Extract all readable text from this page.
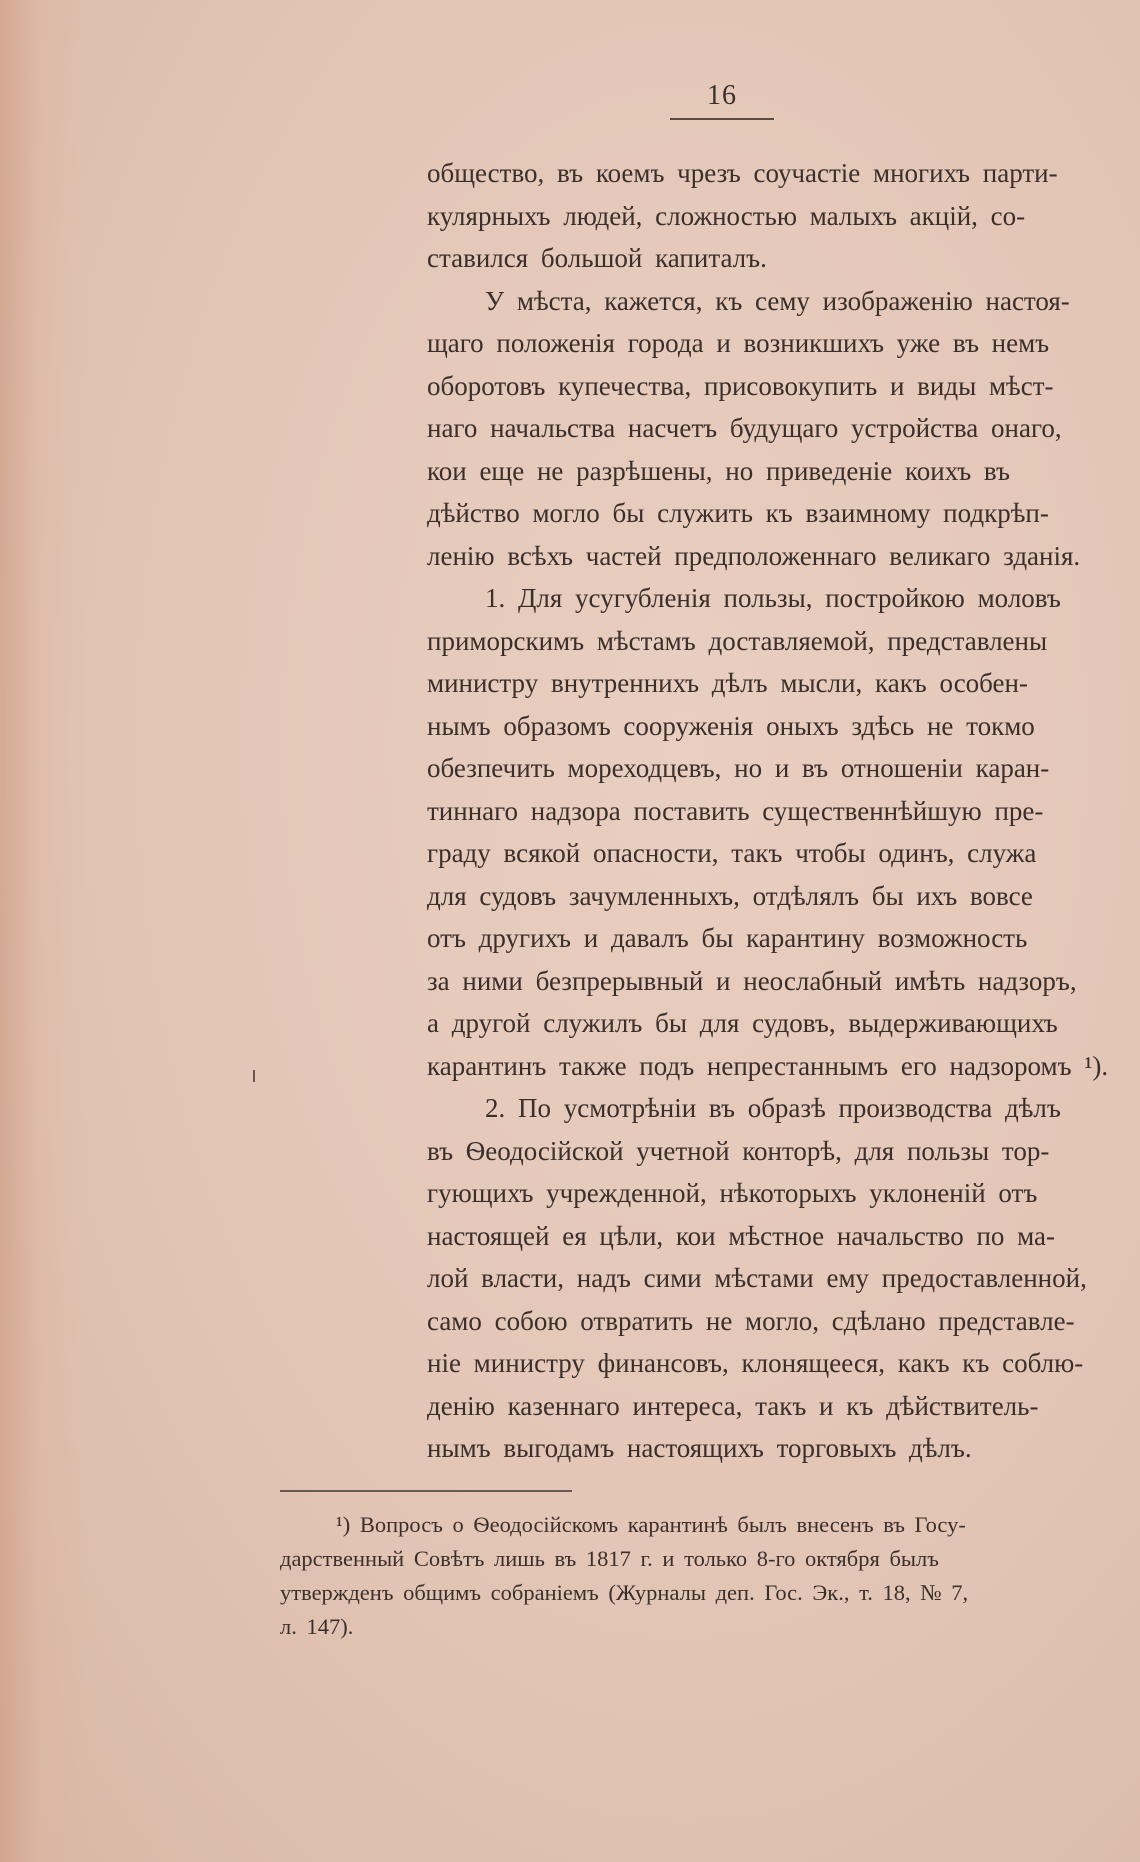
16
общество, въ коемъ чрезъ соучастіе многихъ парти-
кулярныхъ людей, сложностью малыхъ акцій, со-
ставился большой капиталъ.
У мѣста, кажется, къ сему изображенію настоя-
щаго положенія города и возникшихъ уже въ немъ
оборотовъ купечества, присовокупить и виды мѣст-
наго начальства насчетъ будущаго устройства онаго,
кои еще не разрѣшены, но приведеніе коихъ въ
дѣйство могло бы служить къ взаимному подкрѣп-
ленію всѣхъ частей предположеннаго великаго зданія.
1. Для усугубленія пользы, постройкою моловъ
приморскимъ мѣстамъ доставляемой, представлены
министру внутреннихъ дѣлъ мысли, какъ особен-
нымъ образомъ сооруженія оныхъ здѣсь не токмо
обезпечить мореходцевъ, но и въ отношеніи каран-
тиннаго надзора поставить существеннѣйшую пре-
граду всякой опасности, такъ чтобы одинъ, служа
для судовъ зачумленныхъ, отдѣлялъ бы ихъ вовсе
отъ другихъ и давалъ бы карантину возможность
за ними безпрерывный и неослабный имѣть надзоръ,
а другой служилъ бы для судовъ, выдерживающихъ
карантинъ также подъ непрестаннымъ его надзоромъ ¹).
2. По усмотрѣніи въ образѣ производства дѣлъ
въ Ѳеодосійской учетной конторѣ, для пользы тор-
гующихъ учрежденной, нѣкоторыхъ уклоненій отъ
настоящей ея цѣли, кои мѣстное начальство по ма-
лой власти, надъ сими мѣстами ему предоставленной,
само собою отвратить не могло, сдѣлано представле-
ніе министру финансовъ, клонящееся, какъ къ соблю-
денію казеннаго интереса, такъ и къ дѣйствитель-
нымъ выгодамъ настоящихъ торговыхъ дѣлъ.
¹) Вопросъ о Ѳеодосійскомъ карантинѣ былъ внесенъ въ Госу-
дарственный Совѣтъ лишь въ 1817 г. и только 8-го октября былъ
утвержденъ общимъ собраніемъ (Журналы деп. Гос. Эк., т. 18, № 7,
л. 147).
